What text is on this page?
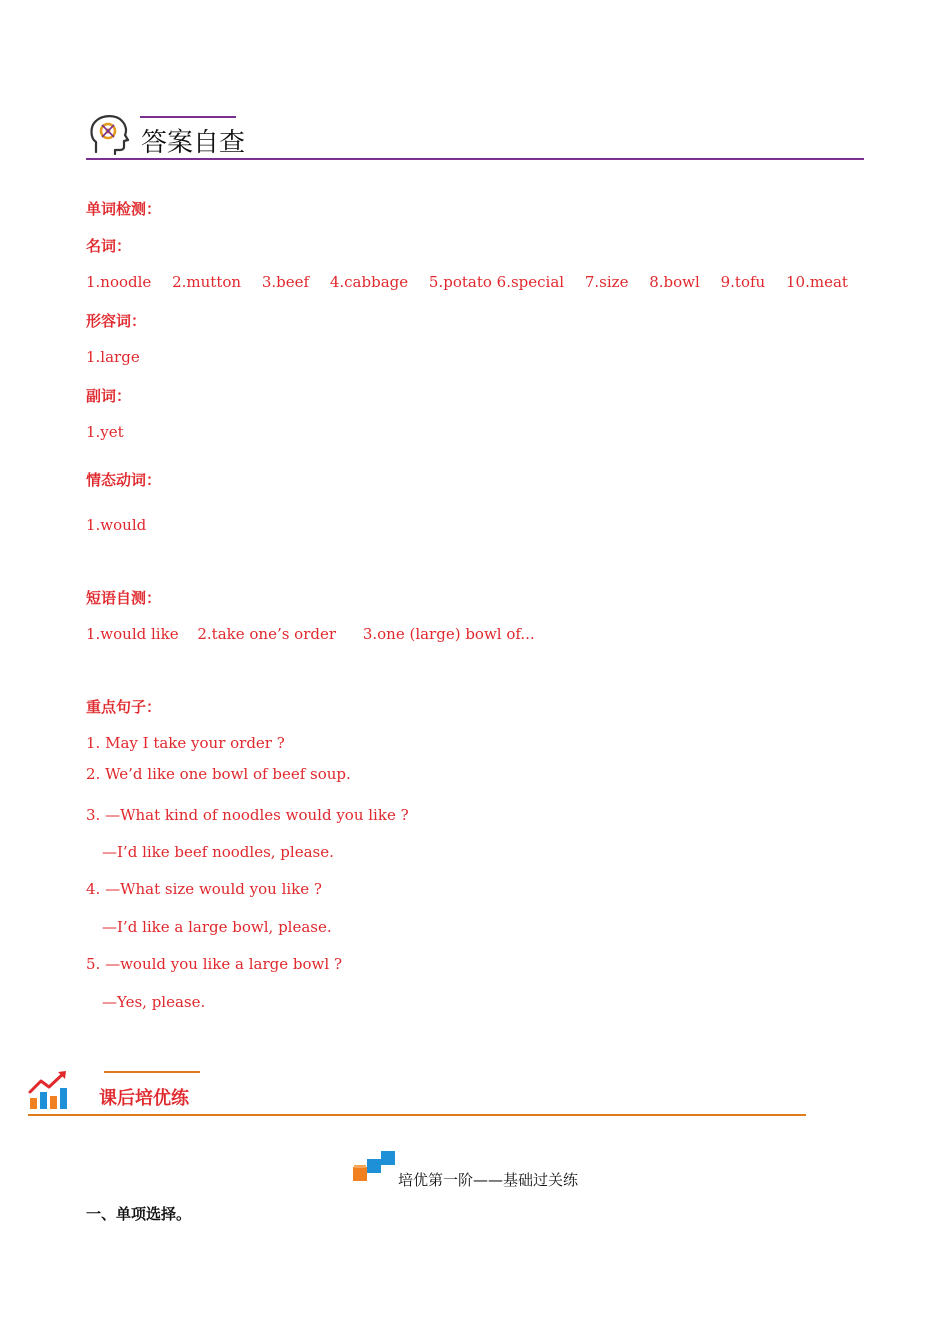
答案自查
单词检测：
名词：
1.noodle 2.mutton 3.beef 4.cabbage 5.potato 6.special 7.size 8.bowl 9.tofu 10.meat
形容词：
1.large
副词：
1.yet
情态动词：
1.would
短语自测：
1.would like 2.take one’s order 3.one (large) bowl of...
重点句子：
1. May I take your order ?
2. We’d like one bowl of beef soup.
3. —What kind of noodles would you like ?
—I’d like beef noodles, please.
4. —What size would you like ?
—I’d like a large bowl, please.
5. —would you like a large bowl ?
—Yes, please.
课后培优练
培优第一阶——基础过关练
一、单项选择。
